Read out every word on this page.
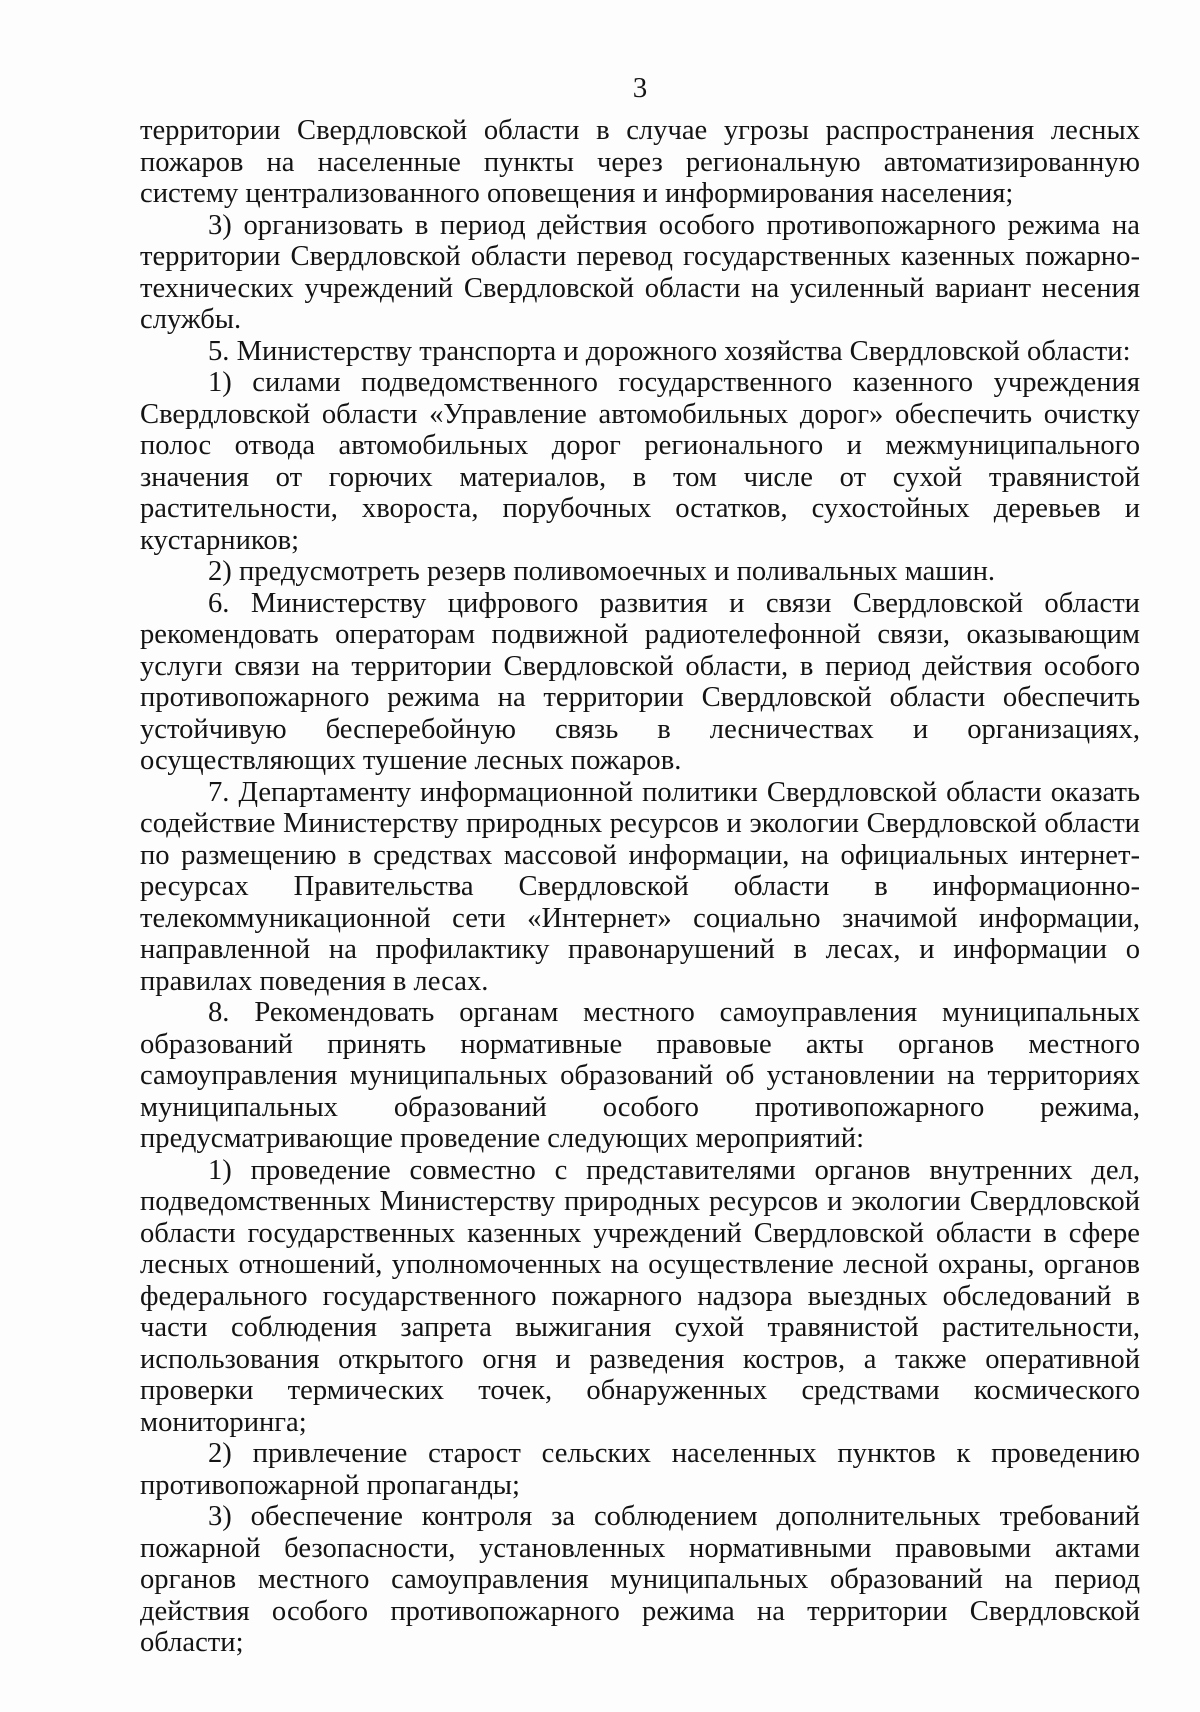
3

территории Свердловской области в случае угрозы распространения лесных пожаров на населенные пункты через региональную автоматизированную систему централизованного оповещения и информирования населения;

3) организовать в период действия особого противопожарного режима на территории Свердловской области перевод государственных казенных пожарно-технических учреждений Свердловской области на усиленный вариант несения службы.

5. Министерству транспорта и дорожного хозяйства Свердловской области:

1) силами подведомственного государственного казенного учреждения Свердловской области «Управление автомобильных дорог» обеспечить очистку полос отвода автомобильных дорог регионального и межмуниципального значения от горючих материалов, в том числе от сухой травянистой растительности, хвороста, порубочных остатков, сухостойных деревьев и кустарников;

2) предусмотреть резерв поливомоечных и поливальных машин.

6. Министерству цифрового развития и связи Свердловской области рекомендовать операторам подвижной радиотелефонной связи, оказывающим услуги связи на территории Свердловской области, в период действия особого противопожарного режима на территории Свердловской области обеспечить устойчивую бесперебойную связь в лесничествах и организациях, осуществляющих тушение лесных пожаров.

7. Департаменту информационной политики Свердловской области оказать содействие Министерству природных ресурсов и экологии Свердловской области по размещению в средствах массовой информации, на официальных интернет-ресурсах Правительства Свердловской области в информационно-телекоммуникационной сети «Интернет» социально значимой информации, направленной на профилактику правонарушений в лесах, и информации о правилах поведения в лесах.

8. Рекомендовать органам местного самоуправления муниципальных образований принять нормативные правовые акты органов местного самоуправления муниципальных образований об установлении на территориях муниципальных образований особого противопожарного режима, предусматривающие проведение следующих мероприятий:

1) проведение совместно с представителями органов внутренних дел, подведомственных Министерству природных ресурсов и экологии Свердловской области государственных казенных учреждений Свердловской области в сфере лесных отношений, уполномоченных на осуществление лесной охраны, органов федерального государственного пожарного надзора выездных обследований в части соблюдения запрета выжигания сухой травянистой растительности, использования открытого огня и разведения костров, а также оперативной проверки термических точек, обнаруженных средствами космического мониторинга;

2) привлечение старост сельских населенных пунктов к проведению противопожарной пропаганды;

3) обеспечение контроля за соблюдением дополнительных требований пожарной безопасности, установленных нормативными правовыми актами органов местного самоуправления муниципальных образований на период действия особого противопожарного режима на территории Свердловской области;
